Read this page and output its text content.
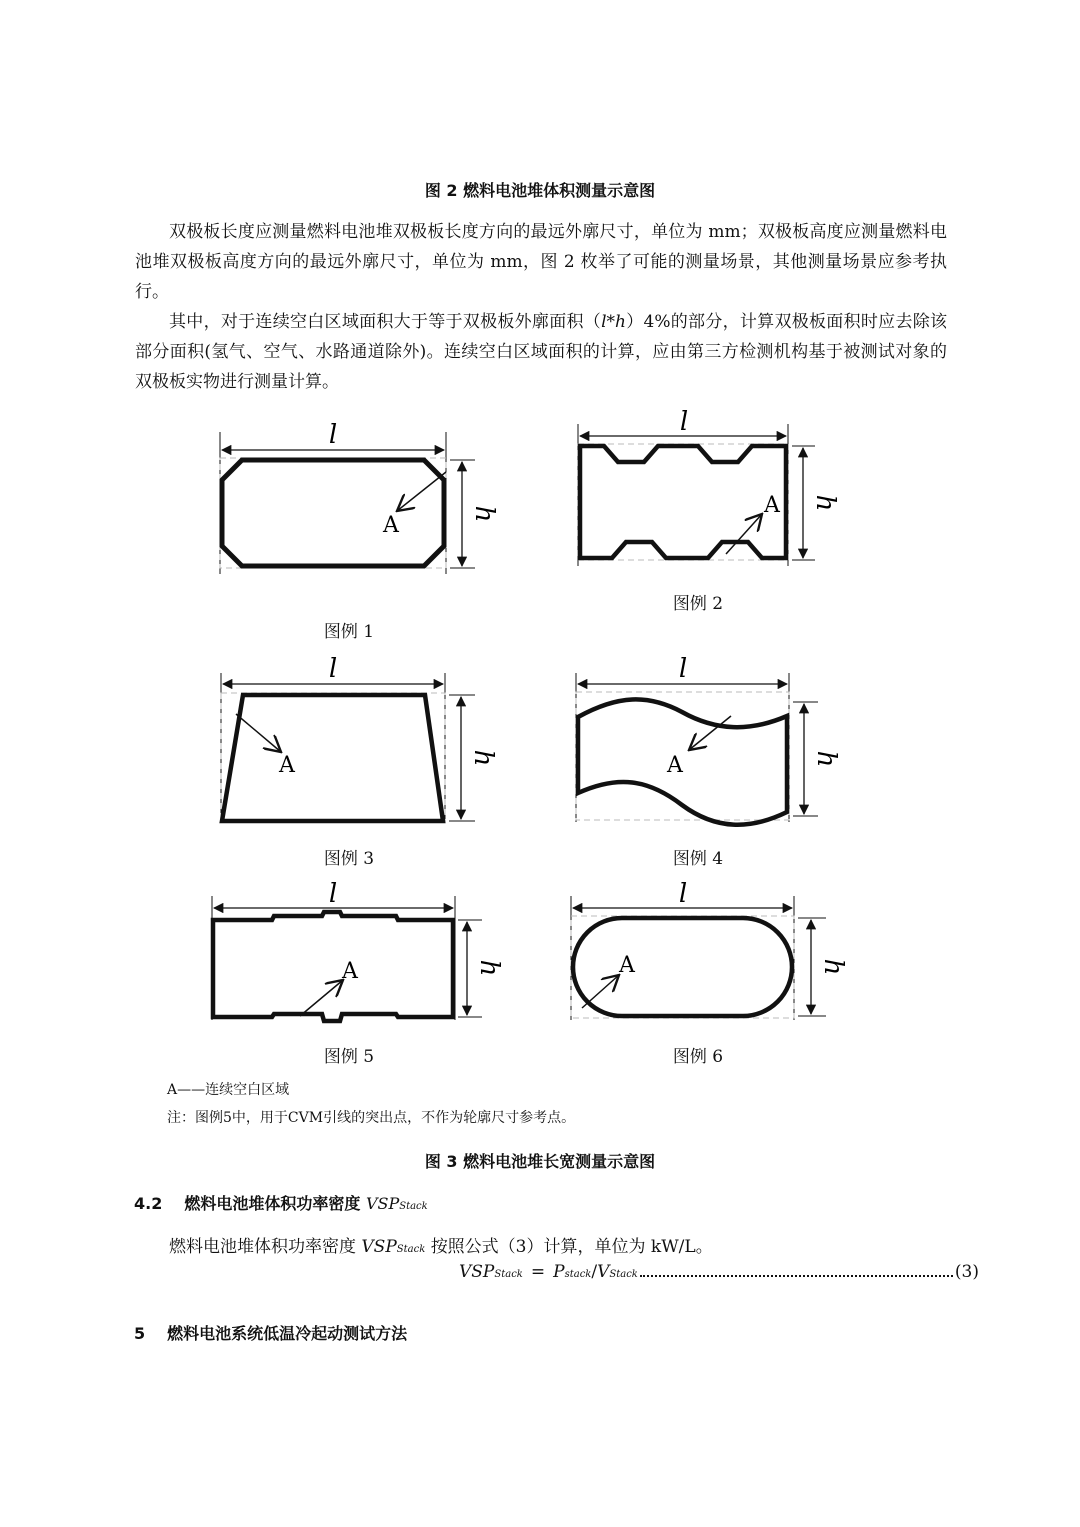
图 2 燃料电池堆体积测量示意图

双极板长度应测量燃料电池堆双极板长度方向的最远外廓尺寸，单位为 mm；双极板高度应测量燃料电池堆双极板高度方向的最远外廓尺寸，单位为 mm，图 2 枚举了可能的测量场景，其他测量场景应参考执行。

其中，对于连续空白区域面积大于等于双极板外廓面积（l*h）4%的部分，计算双极板面积时应去除该部分面积(氢气、空气、水路通道除外)。连续空白区域面积的计算，应由第三方检测机构基于被测试对象的双极板实物进行测量计算。

l
h
A
l
h
A
l
h
A
l
h
A
l
h
A
l
h
A
图例 1
图例 2
图例 3	图例 4
图例 5	图例 6
A——连续空白区域
注：图例5中，用于CVM引线的突出点，不作为轮廓尺寸参考点。
图 3 燃料电池堆长宽测量示意图
4.2 燃料电池堆体积功率密度 VSPStack
燃料电池堆体积功率密度 VSPStack 按照公式（3）计算，单位为 kW/L。
VSP Stack = P stack / V Stack	(3)
5 燃料电池系统低温冷起动测试方法
